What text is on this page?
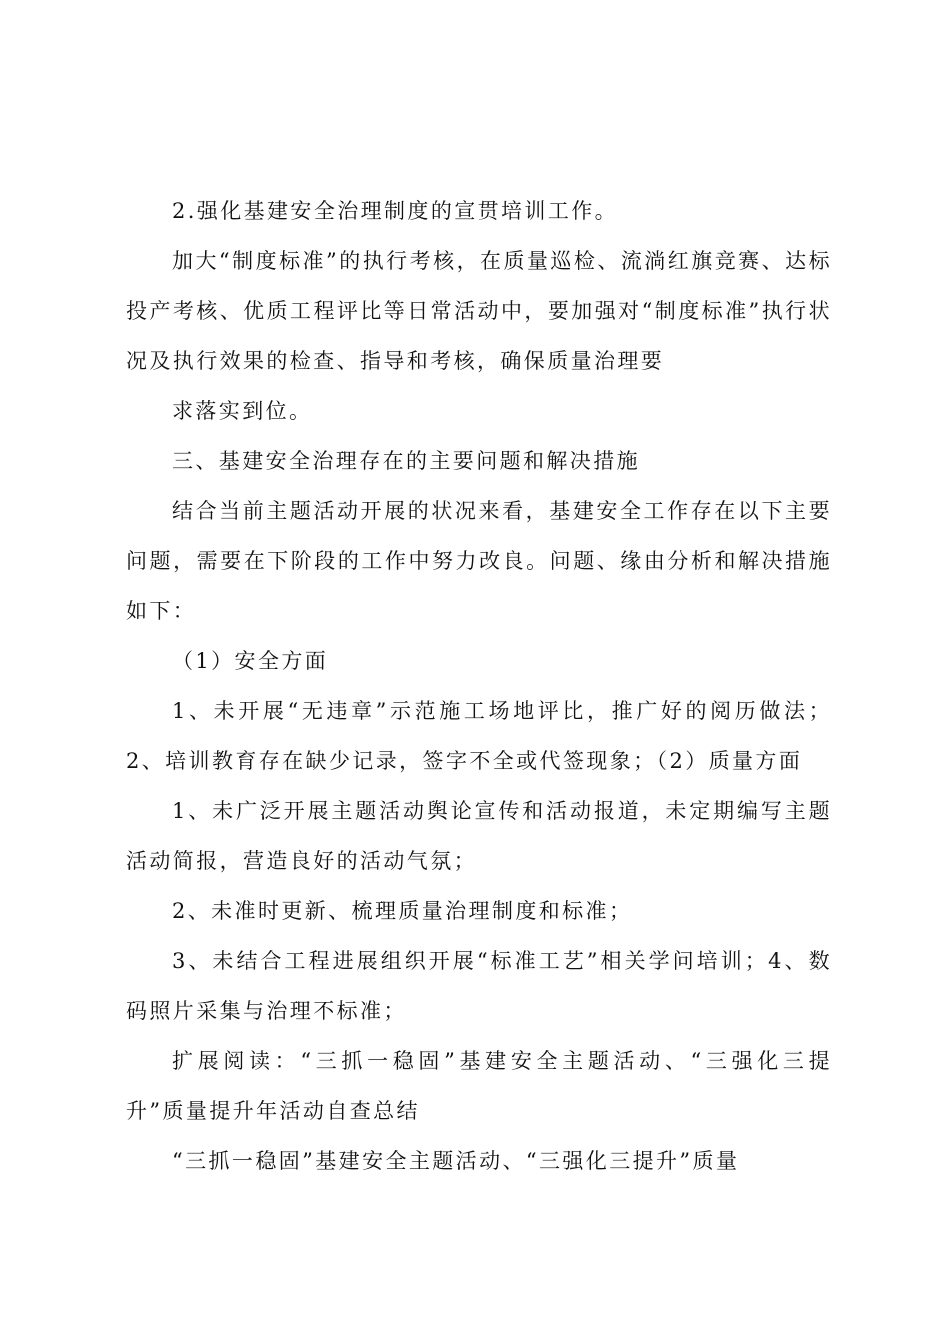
2.强化基建安全治理制度的宣贯培训工作。

加大“制度标准”的执行考核，在质量巡检、流淌红旗竞赛、达标投产考核、优质工程评比等日常活动中，要加强对“制度标准”执行状况及执行效果的检查、指导和考核，确保质量治理要

求落实到位。

三、基建安全治理存在的主要问题和解决措施

结合当前主题活动开展的状况来看，基建安全工作存在以下主要问题，需要在下阶段的工作中努力改良。问题、缘由分析和解决措施如下：

（1）安全方面

1、未开展“无违章”示范施工场地评比，推广好的阅历做法；2、培训教育存在缺少记录，签字不全或代签现象；（2）质量方面

1、未广泛开展主题活动舆论宣传和活动报道，未定期编写主题活动简报，营造良好的活动气氛；

2、未准时更新、梳理质量治理制度和标准；

3、未结合工程进展组织开展“标准工艺”相关学问培训；4、数码照片采集与治理不标准；

扩展阅读：“三抓一稳固”基建安全主题活动、“三强化三提升”质量提升年活动自查总结

“三抓一稳固”基建安全主题活动、“三强化三提升”质量
